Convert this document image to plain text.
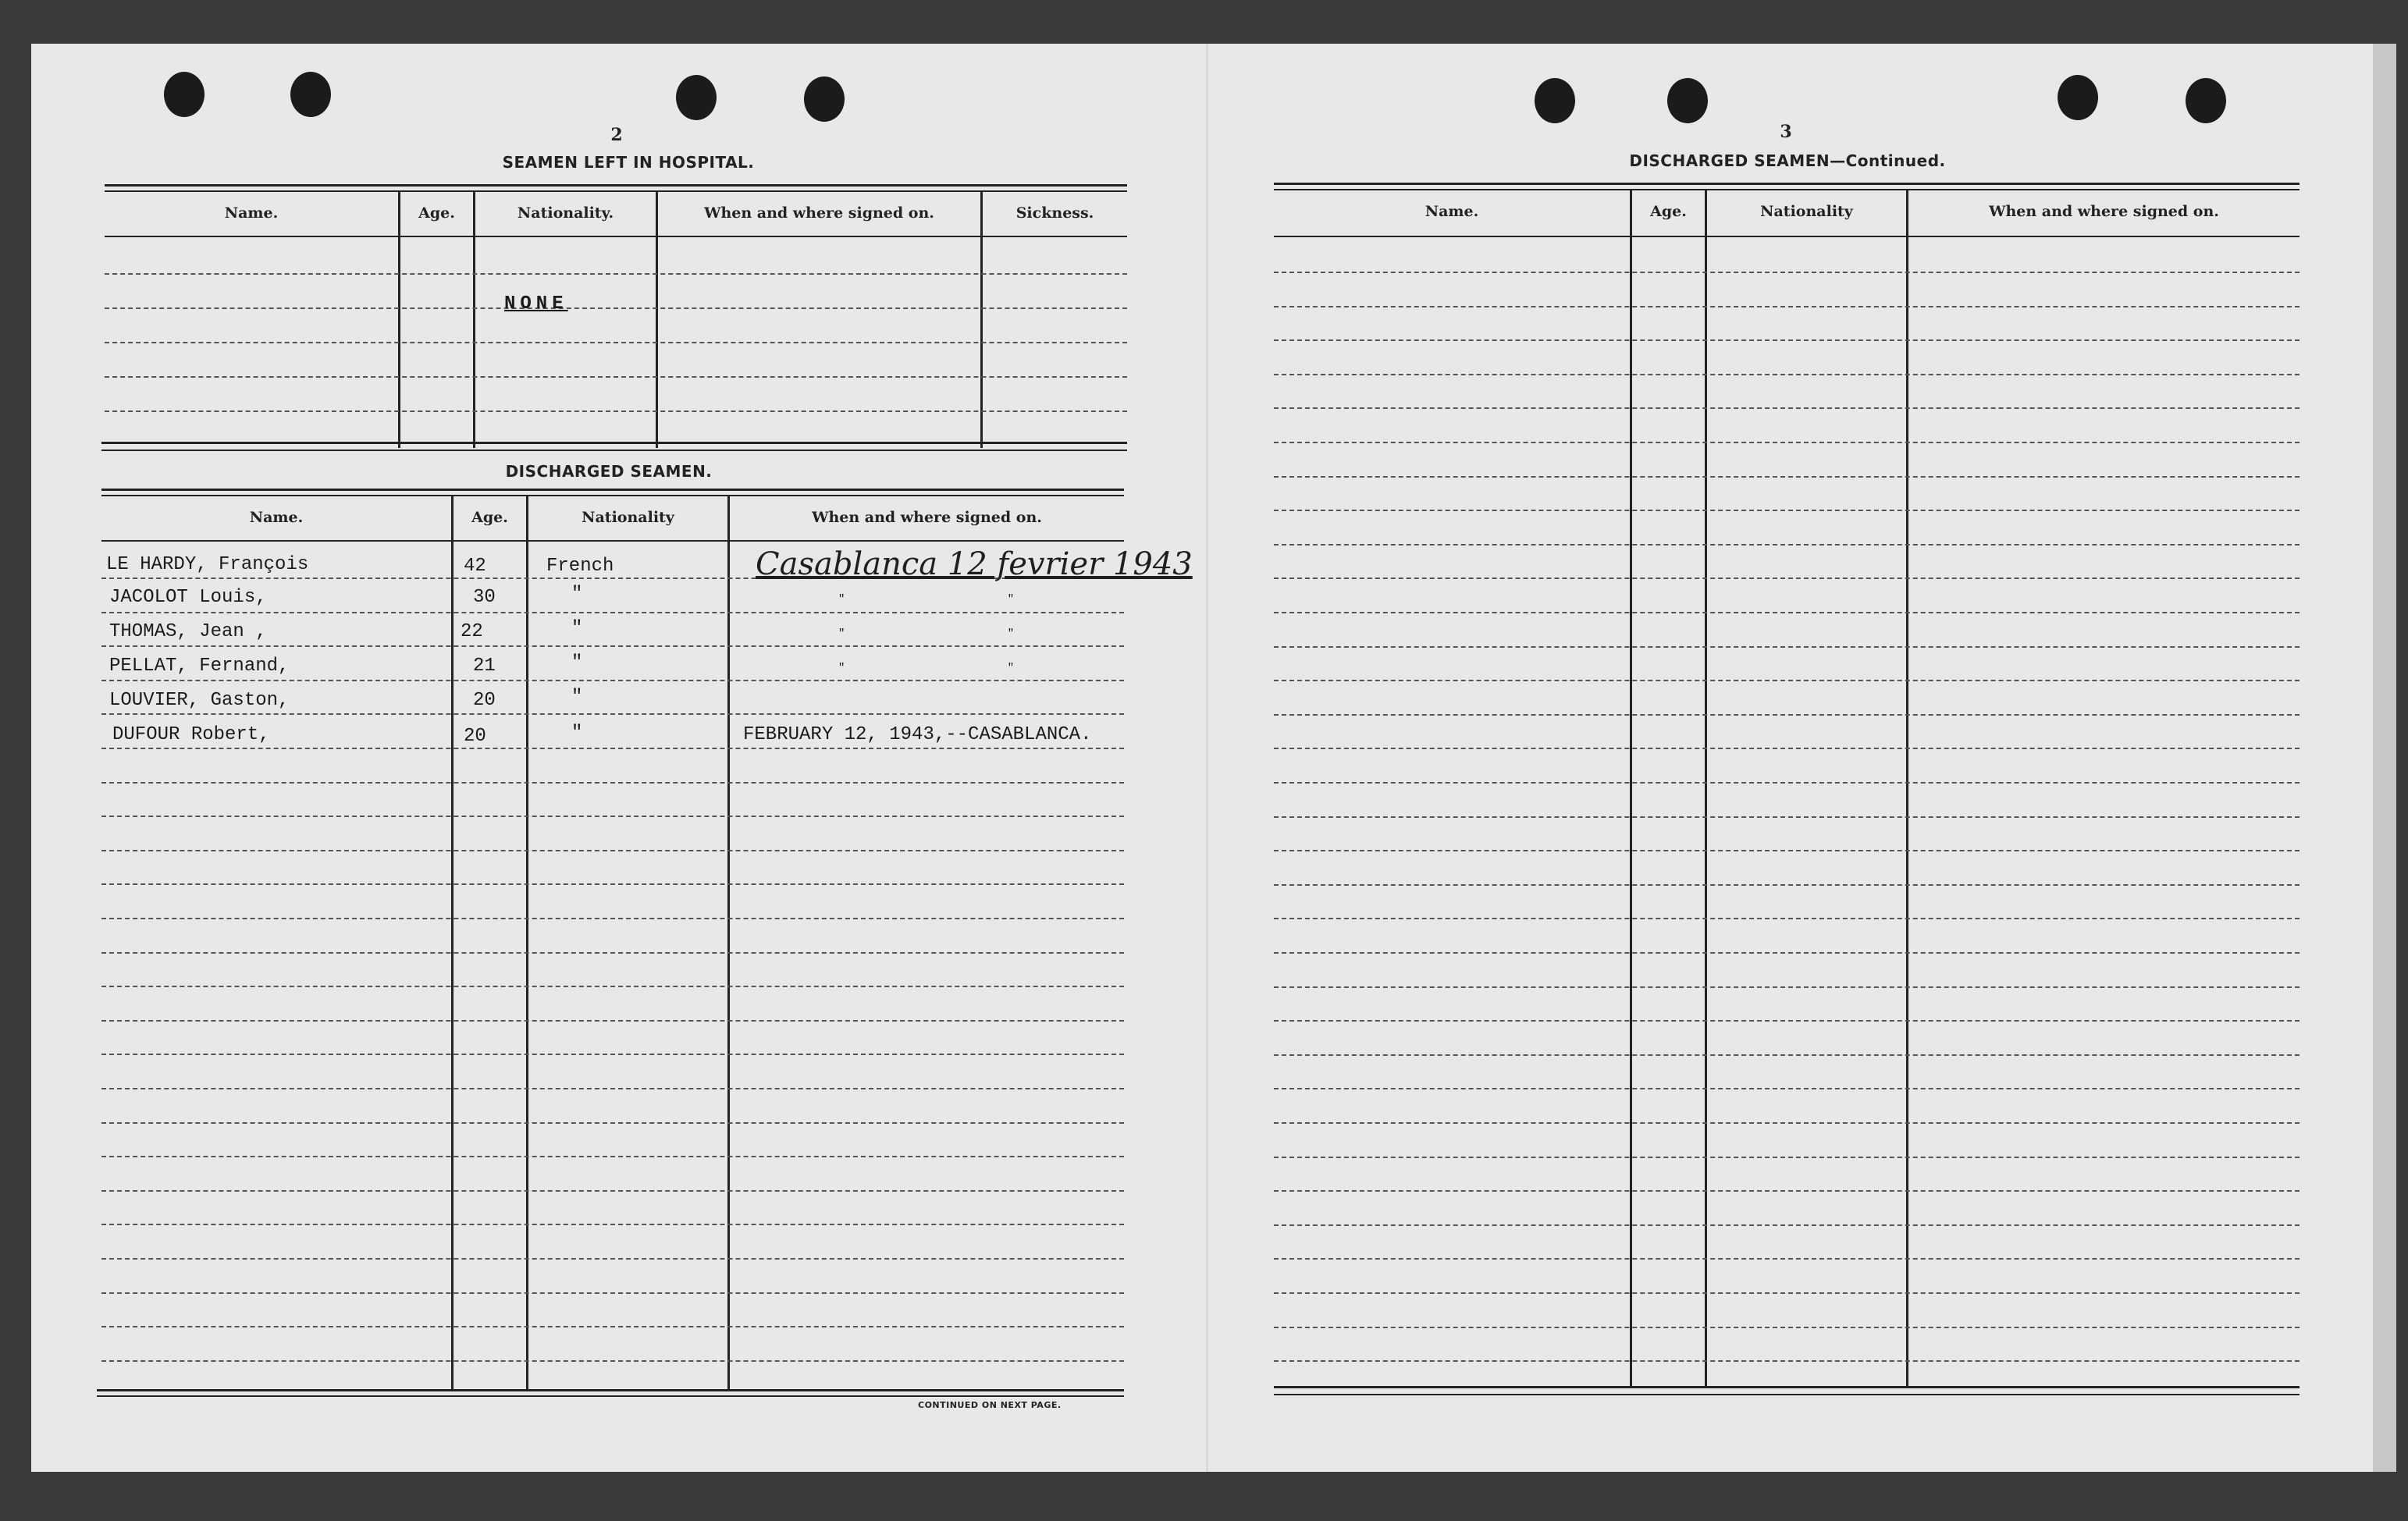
2
SEAMEN LEFT IN HOSPITAL.
Name.	Age.	Nationality.	When and where signed on.	Sickness.
NONE
DISCHARGED SEAMEN.
Name.	Age.	Nationality	When and where signed on.
LE HARDY, François	42	French	Casablanca 12 fevrier 1943
JACOLOT Louis,	30	"	" "
THOMAS, Jean ,	22	"	" "
PELLAT, Fernand,	21	"	" "
LOUVIER, Gaston,	20	"
DUFOUR Robert,	20	"	FEBRUARY 12, 1943,--CASABLANCA.
CONTINUED ON NEXT PAGE.
3
DISCHARGED SEAMEN—Continued.
Name.	Age.	Nationality	When and where signed on.
